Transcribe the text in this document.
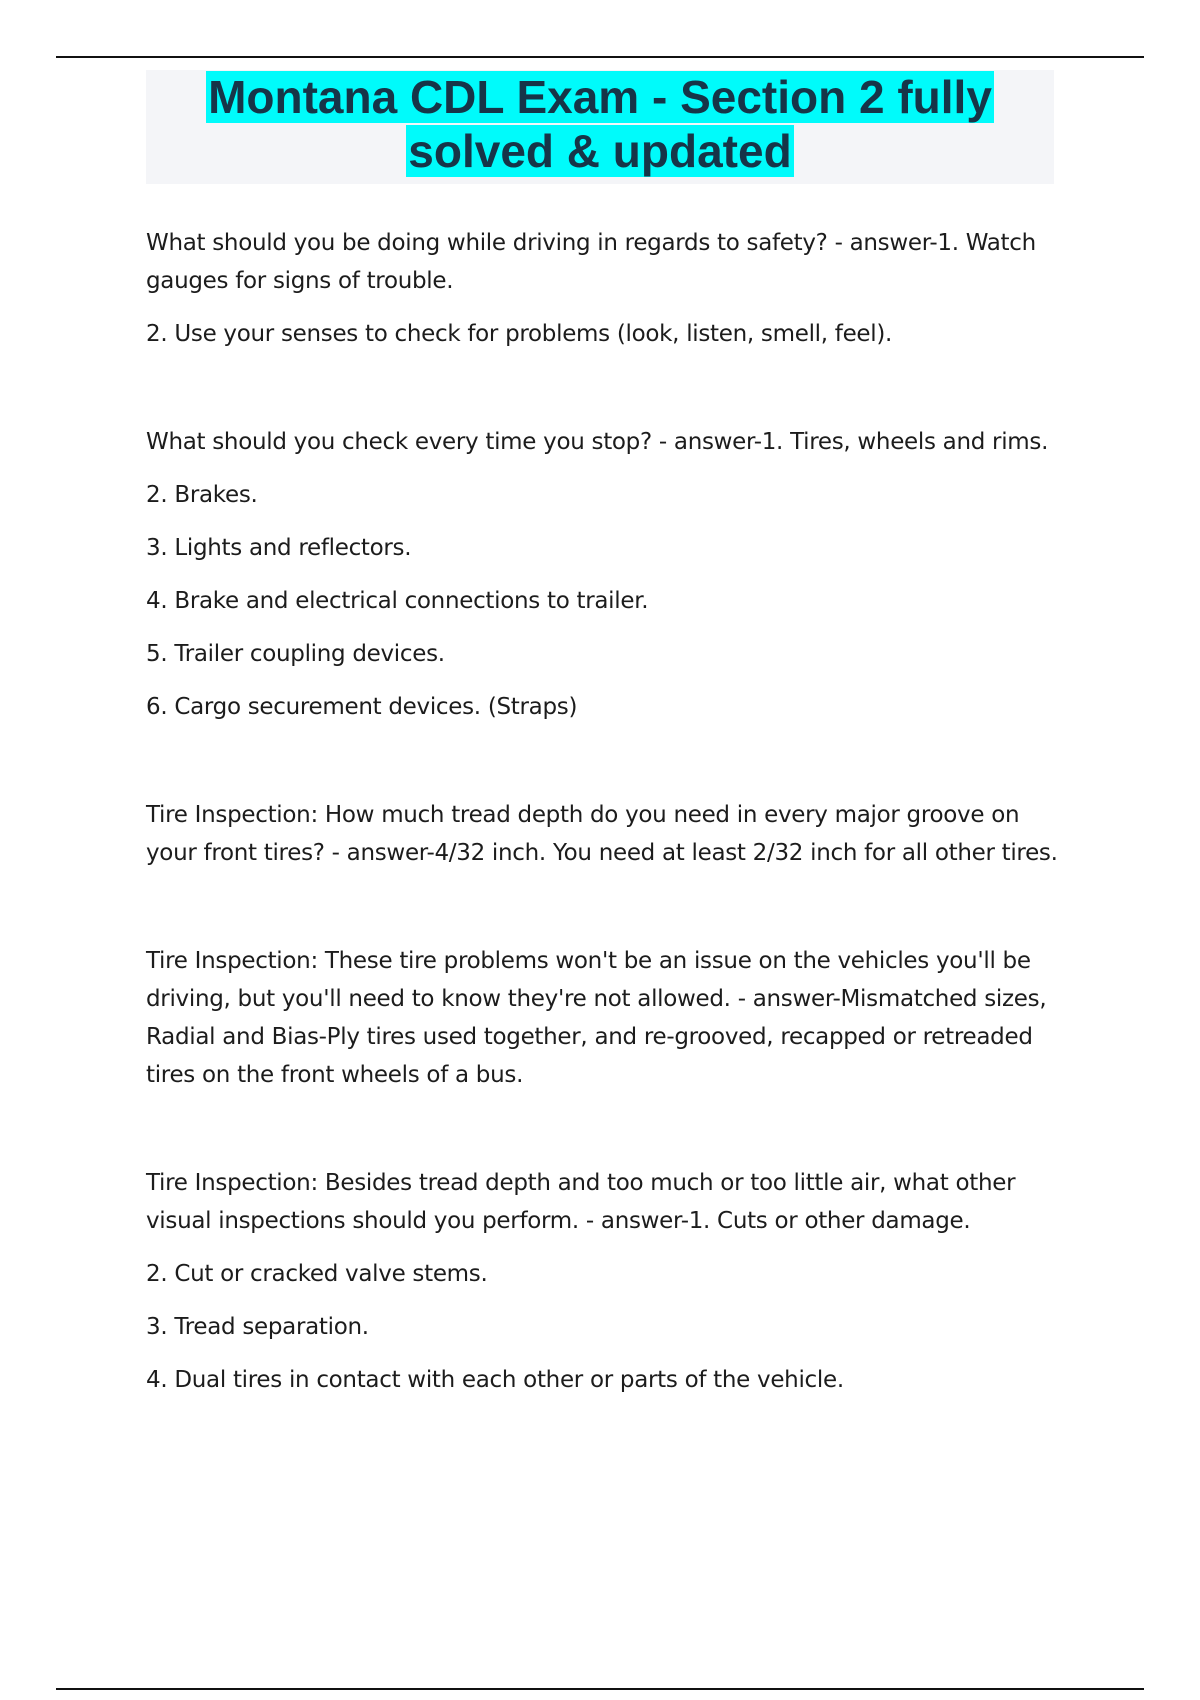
Montana CDL Exam - Section 2 fully
solved & updated

What should you be doing while driving in regards to safety? - answer-1. Watch gauges for signs of trouble.

2. Use your senses to check for problems (look, listen, smell, feel).

What should you check every time you stop? - answer-1. Tires, wheels and rims.

2. Brakes.

3. Lights and reflectors.

4. Brake and electrical connections to trailer.

5. Trailer coupling devices.

6. Cargo securement devices. (Straps)

Tire Inspection: How much tread depth do you need in every major groove on your front tires? - answer-4/32 inch. You need at least 2/32 inch for all other tires.

Tire Inspection: These tire problems won't be an issue on the vehicles you'll be driving, but you'll need to know they're not allowed. - answer-Mismatched sizes, Radial and Bias-Ply tires used together, and re-grooved, recapped or retreaded tires on the front wheels of a bus.

Tire Inspection: Besides tread depth and too much or too little air, what other visual inspections should you perform. - answer-1. Cuts or other damage.

2. Cut or cracked valve stems.

3. Tread separation.

4. Dual tires in contact with each other or parts of the vehicle.
